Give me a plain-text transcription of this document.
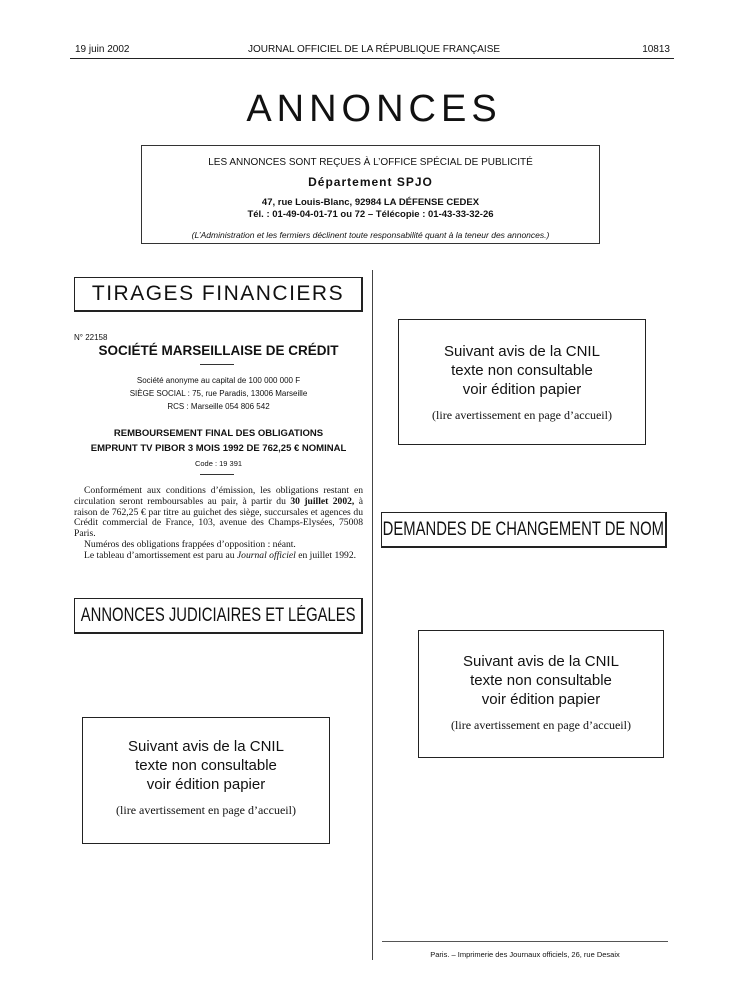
19 juin 2002	JOURNAL OFFICIEL DE LA RÉPUBLIQUE FRANÇAISE	10813
ANNONCES
LES ANNONCES SONT REÇUES À L’OFFICE SPÉCIAL DE PUBLICITÉ
Département SPJO
47, rue Louis-Blanc, 92984 LA DÉFENSE CEDEX
Tél. : 01-49-04-01-71 ou 72 – Télécopie : 01-43-33-32-26
(L’Administration et les fermiers déclinent toute responsabilité quant à la teneur des annonces.)
TIRAGES FINANCIERS
N° 22158
SOCIÉTÉ MARSEILLAISE DE CRÉDIT
Société anonyme au capital de 100 000 000 F
SIÈGE SOCIAL : 75, rue Paradis, 13006 Marseille
RCS : Marseille 054 806 542
REMBOURSEMENT FINAL DES OBLIGATIONS
EMPRUNT TV PIBOR 3 MOIS 1992 DE 762,25 € NOMINAL
Code : 19 391

Conformément aux conditions d’émission, les obligations restant en circulation seront remboursables au pair, à partir du 30 juillet 2002, à raison de 762,25 € par titre au guichet des siège, succursales et agences du Crédit commercial de France, 103, avenue des Champs-Elysées, 75008 Paris.

Numéros des obligations frappées d’opposition : néant.

Le tableau d’amortissement est paru au Journal officiel en juillet 1992.

ANNONCES JUDICIAIRES ET LÉGALES
Suivant avis de la CNIL
texte non consultable
voir édition papier
(lire avertissement en page d’accueil)
DEMANDES DE CHANGEMENT DE NOM
Suivant avis de la CNIL
texte non consultable
voir édition papier
(lire avertissement en page d’accueil)
Suivant avis de la CNIL
texte non consultable
voir édition papier
(lire avertissement en page d’accueil)
Paris. – Imprimerie des Journaux officiels, 26, rue Desaix
